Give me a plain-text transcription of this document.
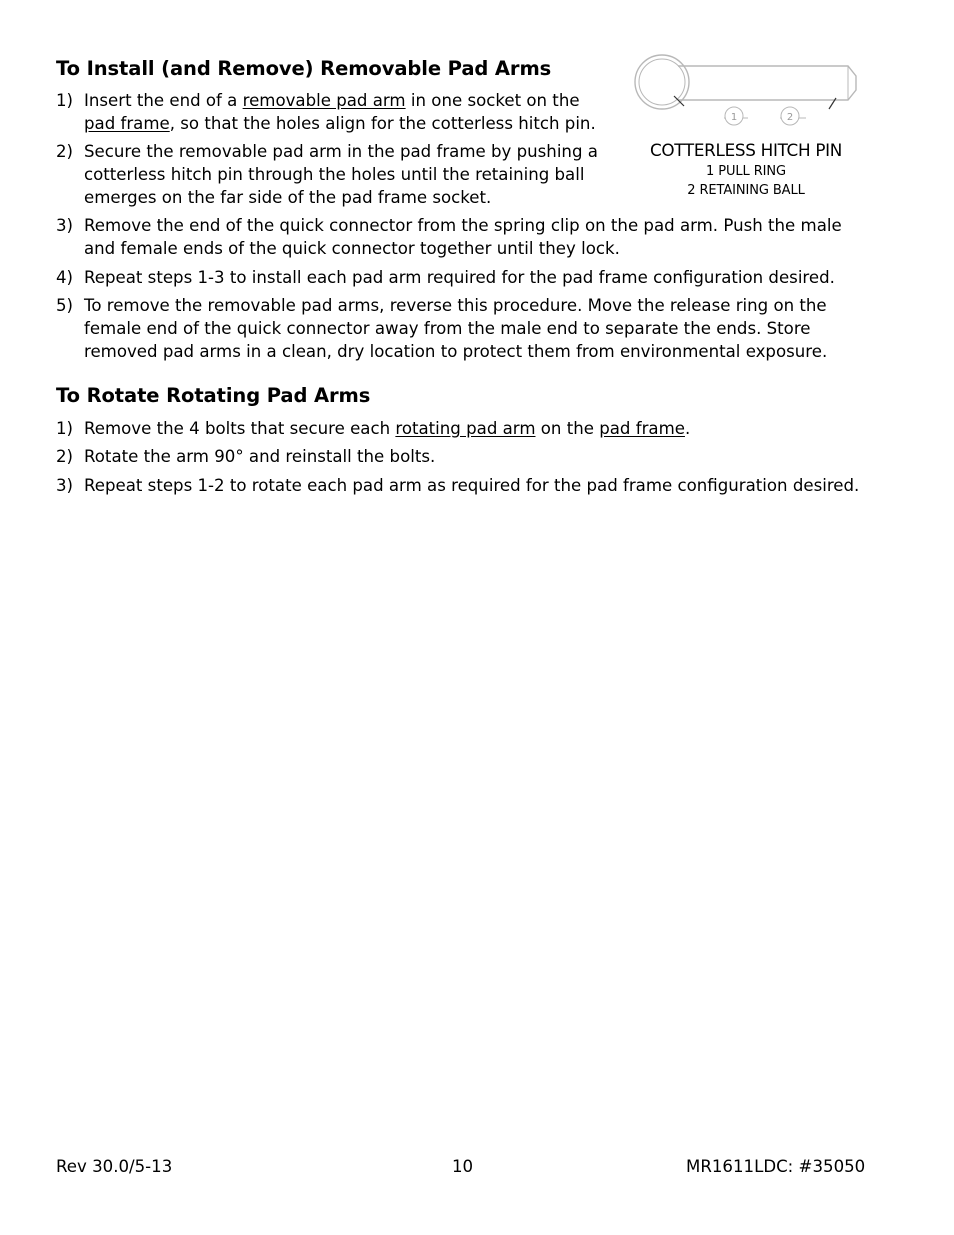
To Install (and Remove) Removable Pad Arms
1) Insert the end of a removable pad arm in one socket on the
pad frame, so that the holes align for the cotterless hitch pin.
2) Secure the removable pad arm in the pad frame by pushing a
cotterless hitch pin through the holes until the retaining ball
emerges on the far side of the pad frame socket.
3) Remove the end of the quick connector from the spring clip on the pad arm. Push the male
and female ends of the quick connector together until they lock.
4) Repeat steps 1-3 to install each pad arm required for the pad frame configuration desired.
5) To remove the removable pad arms, reverse this procedure. Move the release ring on the
female end of the quick connector away from the male end to separate the ends. Store
removed pad arms in a clean, dry location to protect them from environmental exposure.
1	2
COTTERLESS HITCH PIN
1 PULL RING
2 RETAINING BALL
To Rotate Rotating Pad Arms
1) Remove the 4 bolts that secure each rotating pad arm on the pad frame.
2) Rotate the arm 90° and reinstall the bolts.
3) Repeat steps 1-2 to rotate each pad arm as required for the pad frame configuration desired.
Rev 30.0/5-13	10	MR1611LDC: #35050
